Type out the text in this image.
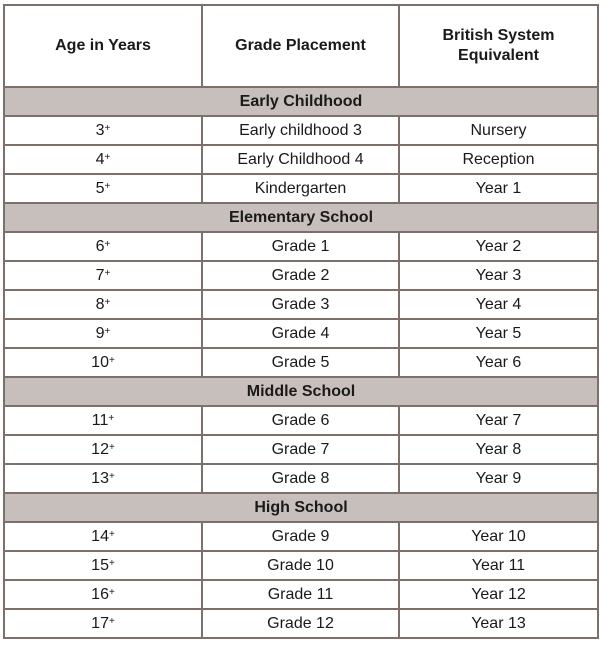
Age in Years	Grade Placement	British System Equivalent

Early Childhood		
3+	Early childhood 3	Nursery
4+	Early Childhood 4	Reception
5+	Kindergarten	Year 1
Elementary School		
6+	Grade 1	Year 2
7+	Grade 2	Year 3
8+	Grade 3	Year 4
9+	Grade 4	Year 5
10+	Grade 5	Year 6
Middle School		
11+	Grade 6	Year 7
12+	Grade 7	Year 8
13+	Grade 8	Year 9
High School		
14+	Grade 9	Year 10
15+	Grade 10	Year 11
16+	Grade 11	Year 12
17+	Grade 12	Year 13
